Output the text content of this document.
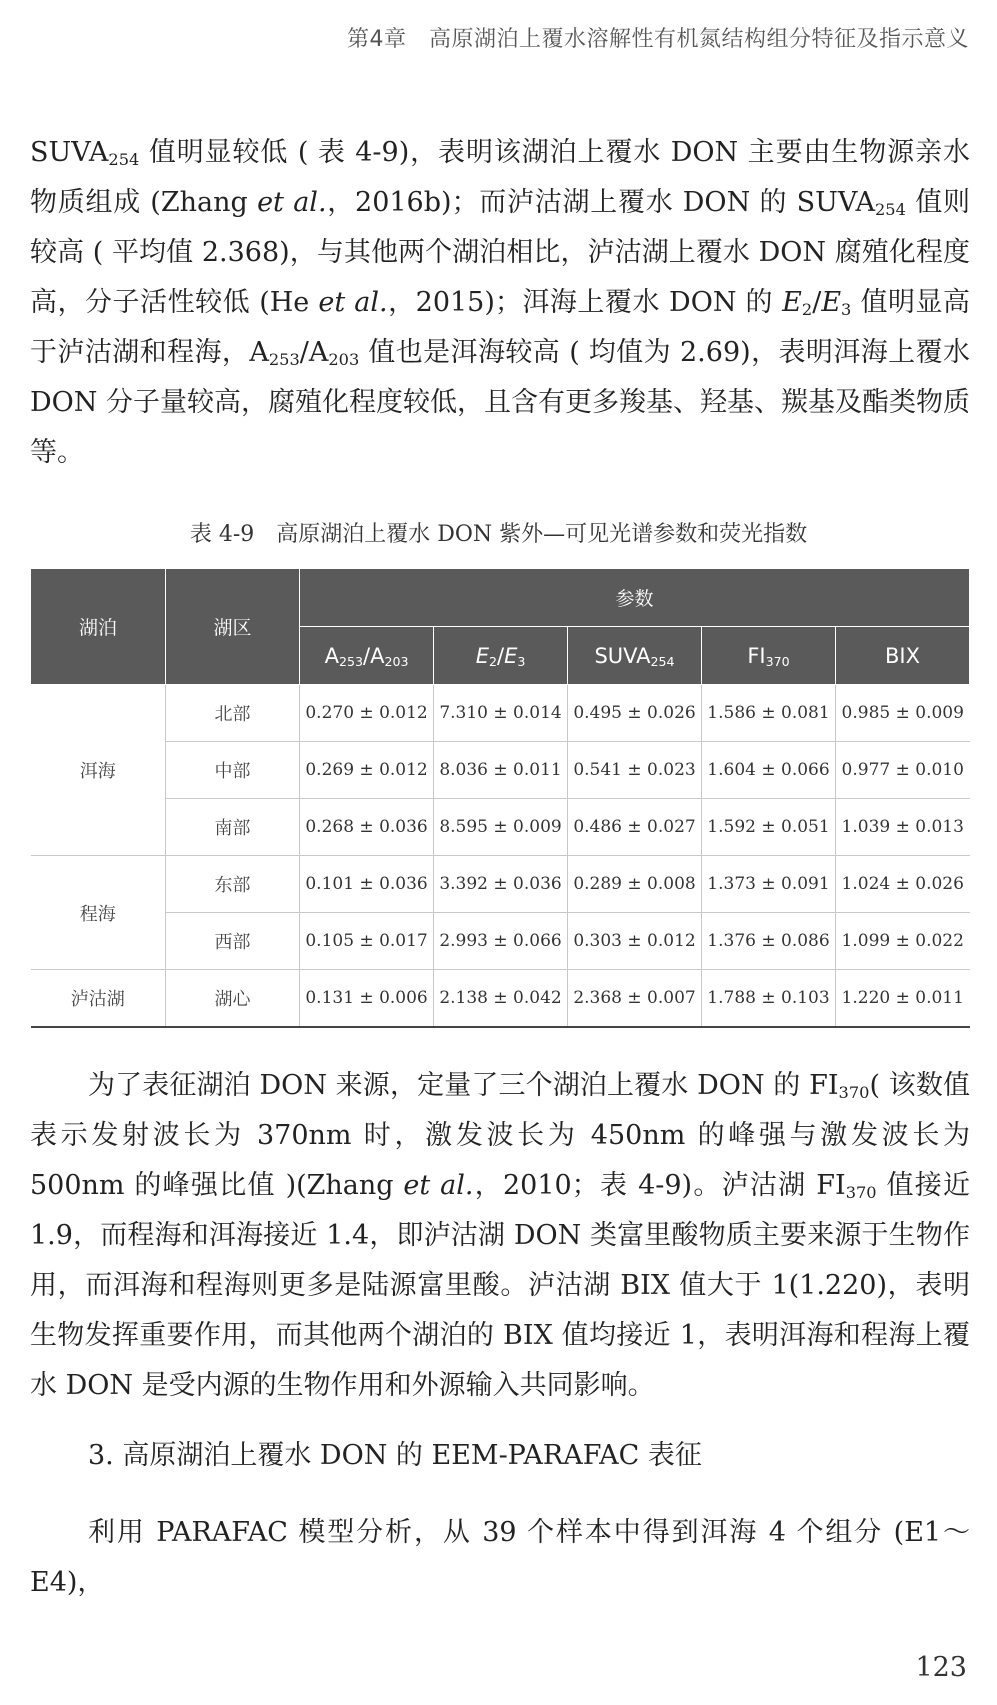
第4章　高原湖泊上覆水溶解性有机氮结构组分特征及指示意义

$SUVA_{254}$ 值明显较低 ( 表 4-9)，表明该湖泊上覆水 DON 主要由生物源亲水物质组成 (Zhang et al.，2016b)；而泸沽湖上覆水 DON 的 $SUVA_{254}$ 值则较高 ( 平均值 2.368)，与其他两个湖泊相比，泸沽湖上覆水 DON 腐殖化程度高，分子活性较低 (He et al.，2015)；洱海上覆水 DON 的 $E_2/E_3$ 值明显高于泸沽湖和程海，$A_{253}/A_{203}$ 值也是洱海较高 ( 均值为 2.69)，表明洱海上覆水 DON 分子量较高，腐殖化程度较低，且含有更多羧基、羟基、羰基及酯类物质等。

表 4-9　高原湖泊上覆水 DON 紫外—可见光谱参数和荧光指数
湖泊	湖区	参数				
		$A_{253}/A_{203}$	$E_2/E_3$	$SUVA_{254}$	$FI_{370}$	BIX
洱海	北部	0.270 ± 0.012	7.310 ± 0.014	0.495 ± 0.026	1.586 ± 0.081	0.985 ± 0.009
	中部	0.269 ± 0.012	8.036 ± 0.011	0.541 ± 0.023	1.604 ± 0.066	0.977 ± 0.010
	南部	0.268 ± 0.036	8.595 ± 0.009	0.486 ± 0.027	1.592 ± 0.051	1.039 ± 0.013
程海	东部	0.101 ± 0.036	3.392 ± 0.036	0.289 ± 0.008	1.373 ± 0.091	1.024 ± 0.026
	西部	0.105 ± 0.017	2.993 ± 0.066	0.303 ± 0.012	1.376 ± 0.086	1.099 ± 0.022
泸沽湖	湖心	0.131 ± 0.006	2.138 ± 0.042	2.368 ± 0.007	1.788 ± 0.103	1.220 ± 0.011

为了表征湖泊 DON 来源，定量了三个湖泊上覆水 DON 的 $FI_{370}$( 该数值表示发射波长为 370nm 时，激发波长为 450nm 的峰强与激发波长为 500nm 的峰强比值 )(Zhang et al.，2010；表 4-9)。泸沽湖 $FI_{370}$ 值接近 1.9，而程海和洱海接近 1.4，即泸沽湖 DON 类富里酸物质主要来源于生物作用，而洱海和程海则更多是陆源富里酸。泸沽湖 BIX 值大于 1(1.220)，表明生物发挥重要作用，而其他两个湖泊的 BIX 值均接近 1，表明洱海和程海上覆水 DON 是受内源的生物作用和外源输入共同影响。

3. 高原湖泊上覆水 DON 的 EEM-PARAFAC 表征

利用 PARAFAC 模型分析，从 39 个样本中得到洱海 4 个组分 (E1～E4)，

123
